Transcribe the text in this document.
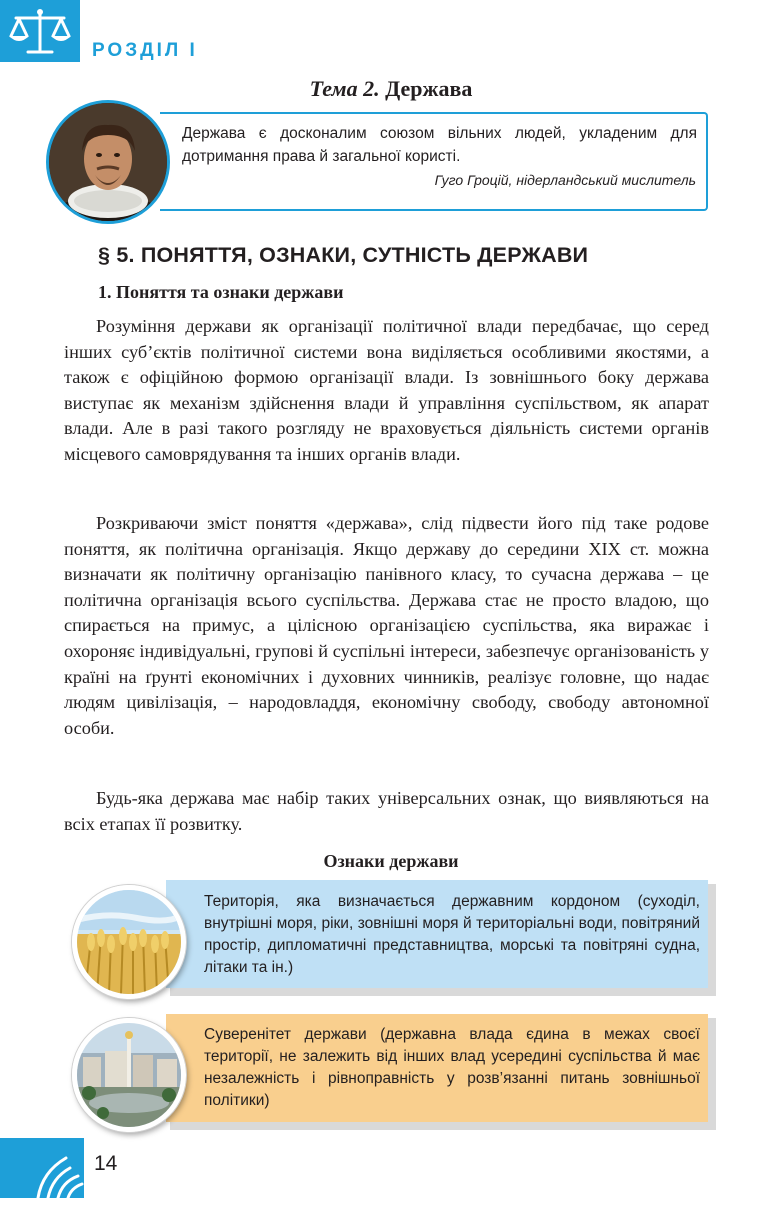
РОЗДІЛ I
Тема 2. Держава
Держава є досконалим союзом вільних людей, укладеним для дотримання права й загальної користі.
Гуго Гроцій, нідерландський мислитель
§ 5. ПОНЯТТЯ, ОЗНАКИ, СУТНІСТЬ ДЕРЖАВИ
1. Поняття та ознаки держави
Розуміння держави як організації політичної влади передбачає, що серед інших суб’єктів політичної системи вона виділяється особливими якостями, а також є офіційною формою організації влади. Із зовнішнього боку держава виступає як механізм здійснення влади й управління суспільством, як апарат влади. Але в разі такого розгляду не враховується діяльність системи органів місцевого самоврядування та інших органів влади.
Розкриваючи зміст поняття «держава», слід підвести його під таке родове поняття, як політична організація. Якщо державу до середини XIX ст. можна визначати як політичну організацію панівного класу, то сучасна держава – це політична організація всього суспільства. Держава стає не просто владою, що спирається на примус, а цілісною організацією суспільства, яка виражає і охороняє індивідуальні, групові й суспільні інтереси, забезпечує організованість у країні на ґрунті економічних і духовних чинників, реалізує головне, що надає людям цивілізація, – народовладдя, економічну свободу, свободу автономної особи.
Будь-яка держава має набір таких універсальних ознак, що виявляються на всіх етапах її розвитку.
Ознаки держави
Територія, яка визначається державним кордоном (суходіл, внутрішні моря, ріки, зовнішні моря й територіальні води, повітряний простір, дипломатичні представництва, морські та повітряні судна, літаки та ін.)
Суверенітет держави (державна влада єдина в межах своєї території, не залежить від інших влад усередині суспільства й має незалежність і рівноправність у розв’язанні питань зовнішньої політики)
14
